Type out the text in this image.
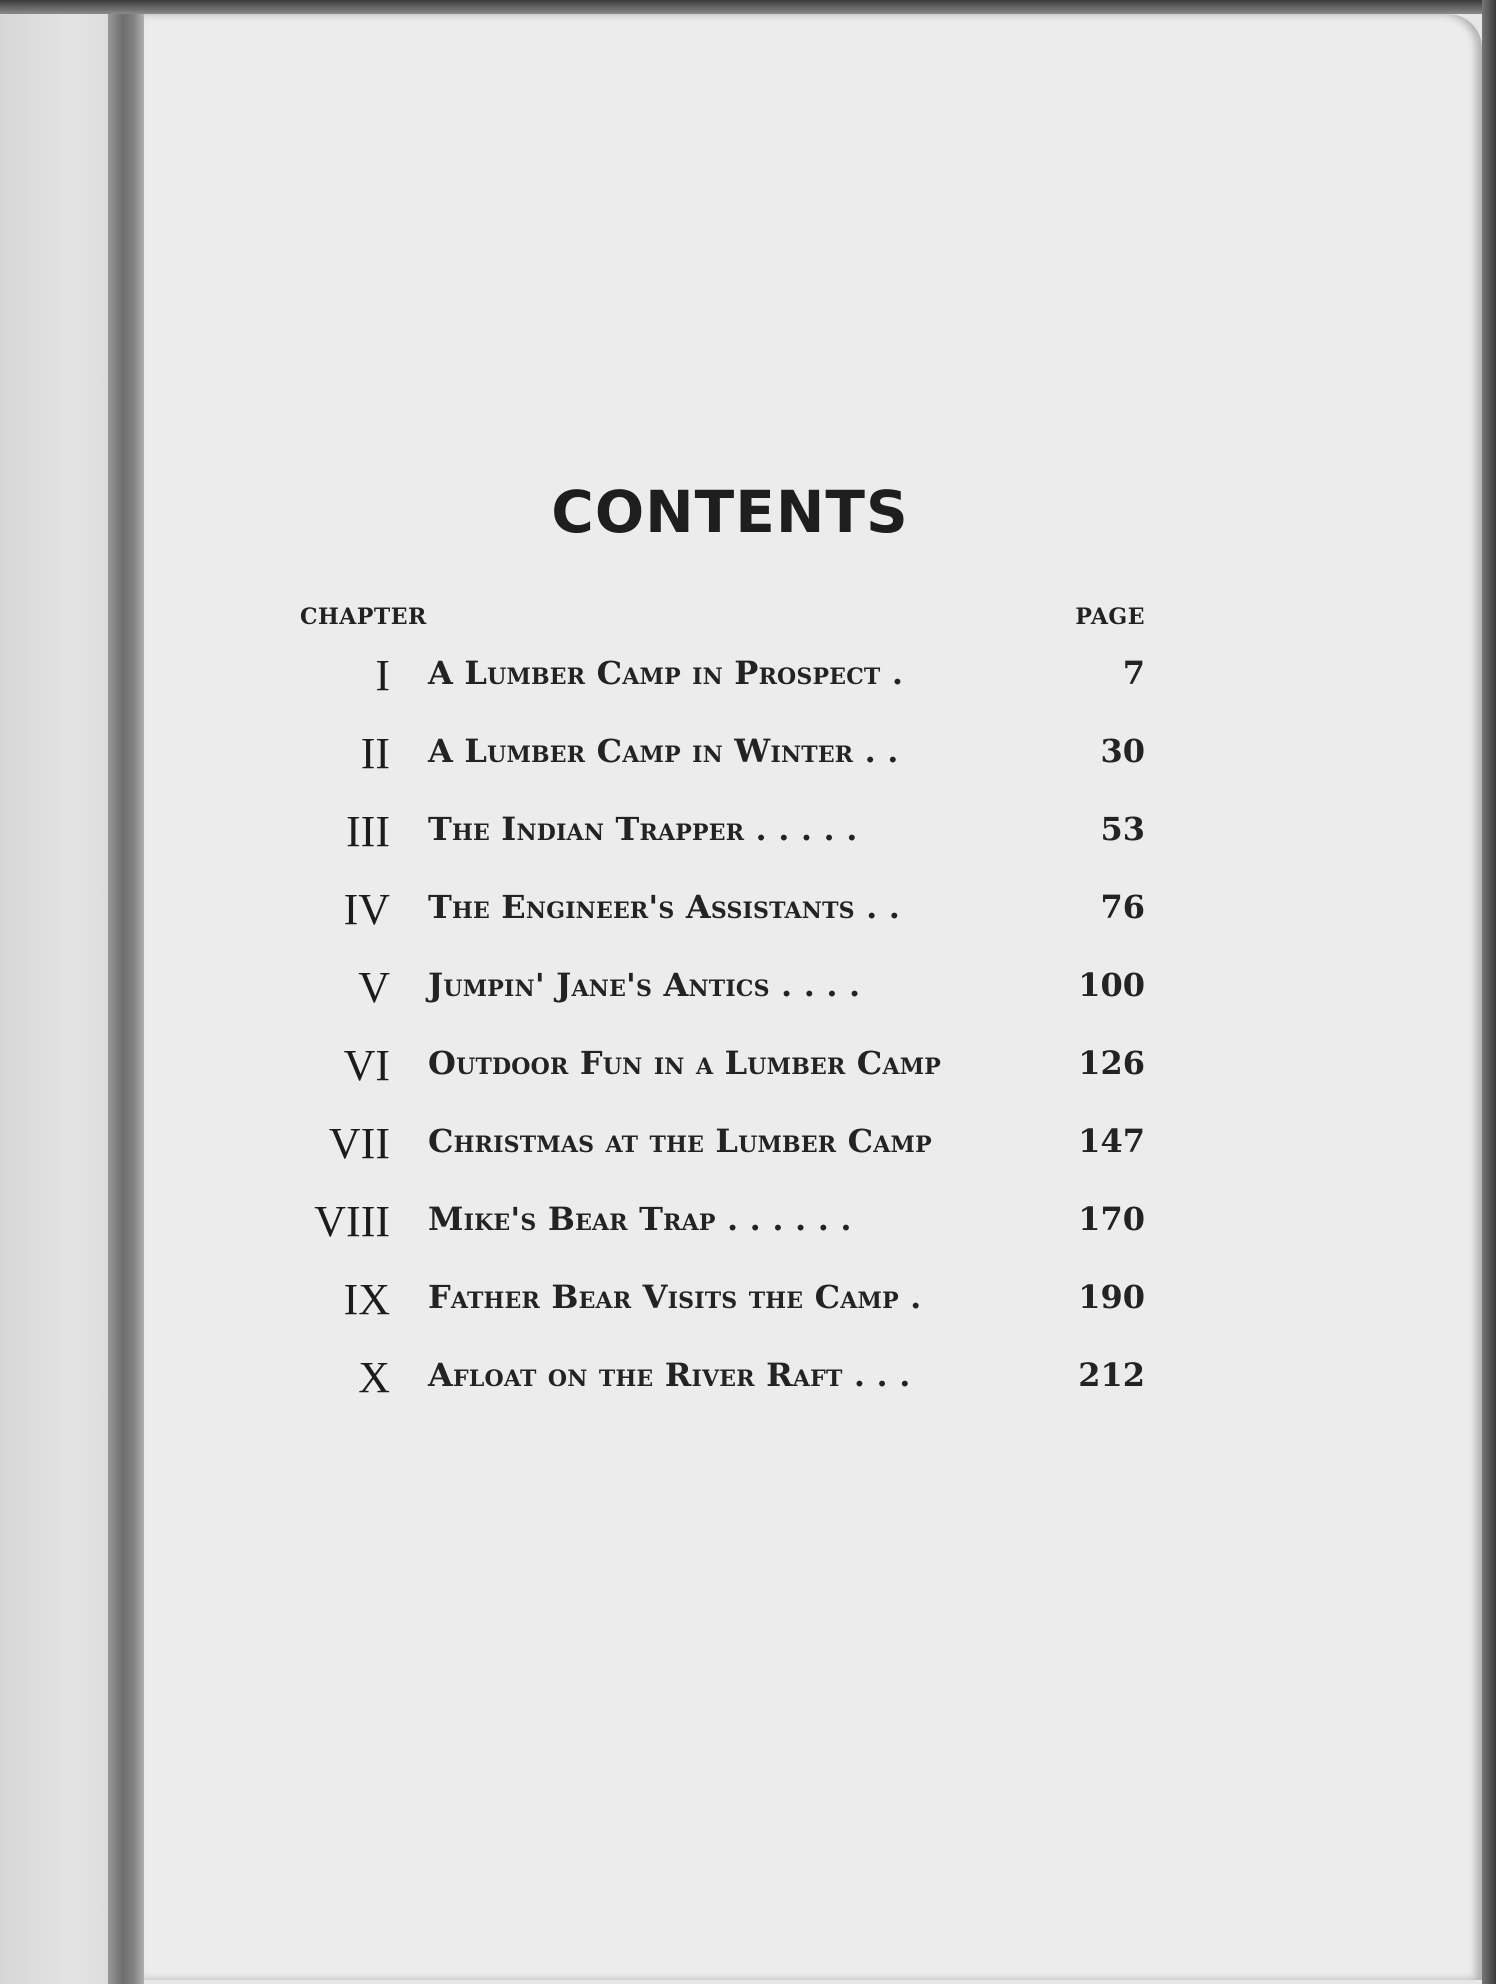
CONTENTS
CHAPTER	PAGE
I A Lumber Camp in Prospect .	7
II A Lumber Camp in Winter . .	30
III The Indian Trapper . . . . .	53
IV The Engineer's Assistants . .	76
V Jumpin' Jane's Antics . . . .	100
VI Outdoor Fun in a Lumber Camp	126
VII Christmas at the Lumber Camp	147
VIII Mike's Bear Trap . . . . . .	170
IX Father Bear Visits the Camp .	190
X Afloat on the River Raft . . .	212
